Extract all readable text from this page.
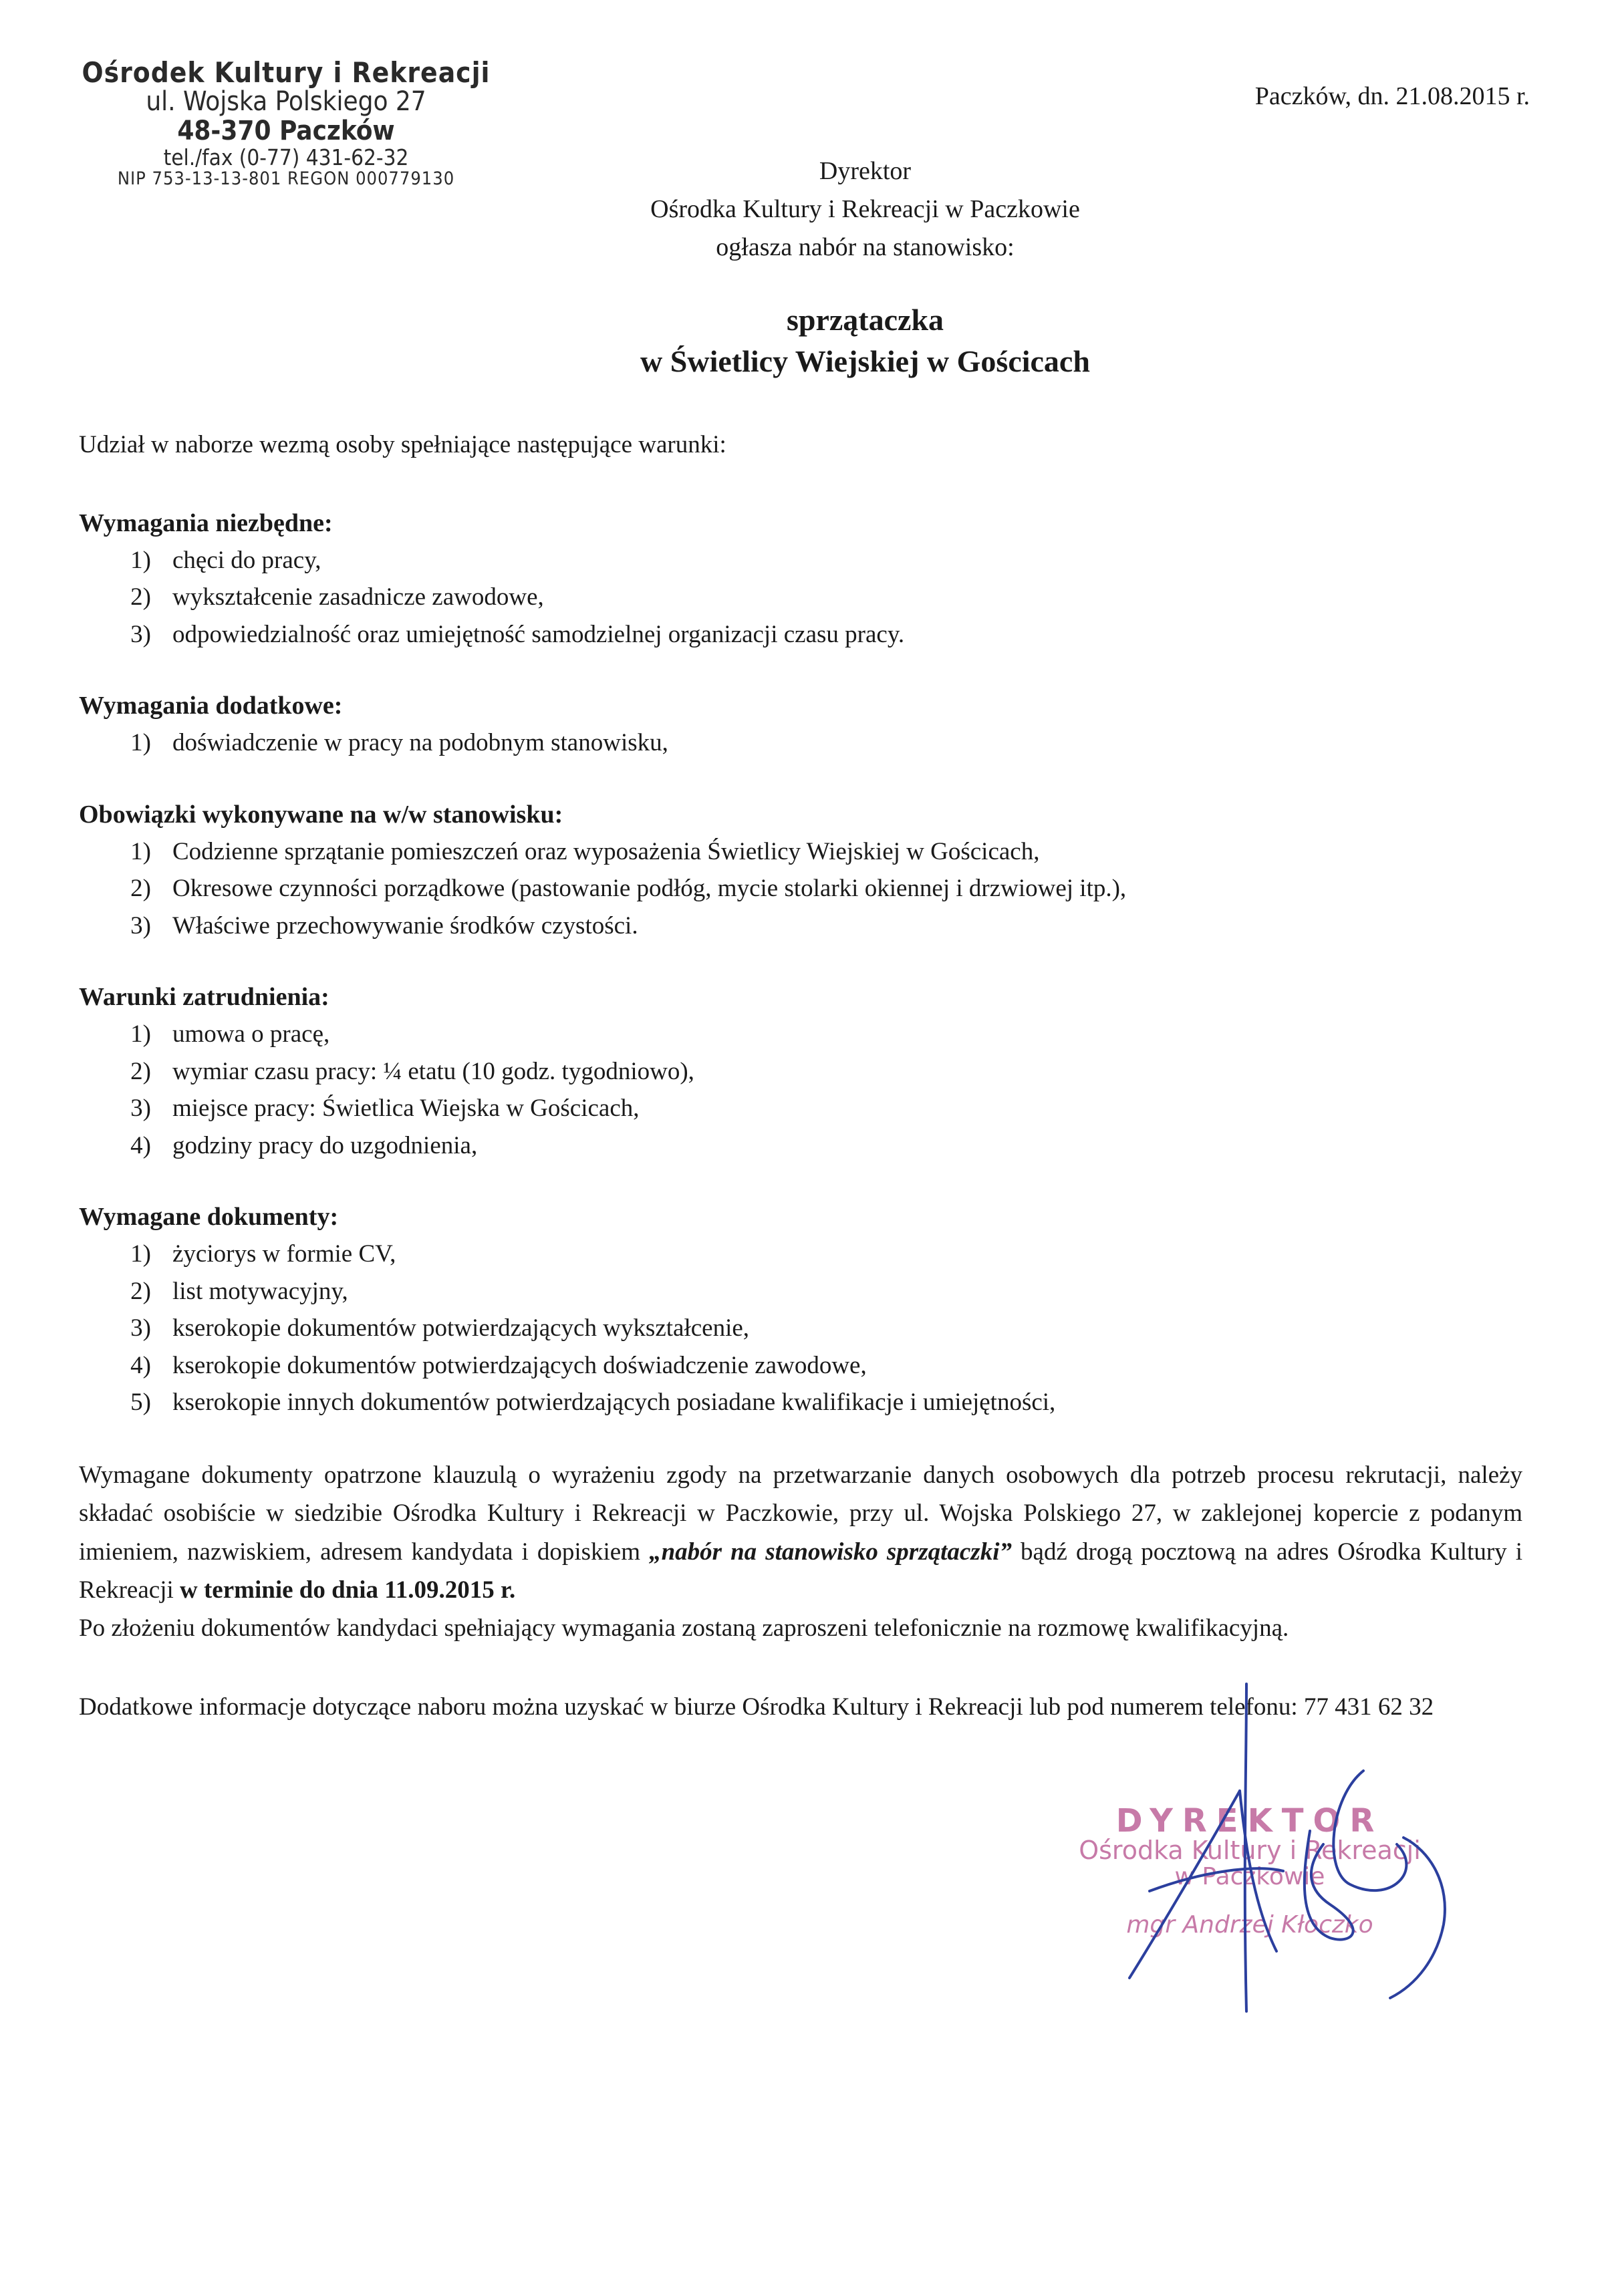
Ośrodek Kultury i Rekreacji
ul. Wojska Polskiego 27
48-370 Paczków
tel./fax (0-77) 431-62-32
NIP 753-13-13-801 REGON 000779130
Paczków, dn. 21.08.2015 r.
Dyrektor
Ośrodka Kultury i Rekreacji w Paczkowie
ogłasza nabór na stanowisko:
sprzątaczka
w Świetlicy Wiejskiej w Gościcach

Udział w naborze wezmą osoby spełniające następujące warunki:

Wymagania niezbędne:
1) chęci do pracy,
2) wykształcenie zasadnicze zawodowe,
3) odpowiedzialność oraz umiejętność samodzielnej organizacji czasu pracy.
Wymagania dodatkowe:
1) doświadczenie w pracy na podobnym stanowisku,
Obowiązki wykonywane na w/w stanowisku:
1) Codzienne sprzątanie pomieszczeń oraz wyposażenia Świetlicy Wiejskiej w Gościcach,
2) Okresowe czynności porządkowe (pastowanie podłóg, mycie stolarki okiennej i drzwiowej itp.),
3) Właściwe przechowywanie środków czystości.
Warunki zatrudnienia:
1) umowa o pracę,
2) wymiar czasu pracy: ¼ etatu (10 godz. tygodniowo),
3) miejsce pracy: Świetlica Wiejska w Gościcach,
4) godziny pracy do uzgodnienia,
Wymagane dokumenty:
1) życiorys w formie CV,
2) list motywacyjny,
3) kserokopie dokumentów potwierdzających wykształcenie,
4) kserokopie dokumentów potwierdzających doświadczenie zawodowe,
5) kserokopie innych dokumentów potwierdzających posiadane kwalifikacje i umiejętności,

Wymagane dokumenty opatrzone klauzulą o wyrażeniu zgody na przetwarzanie danych osobowych dla potrzeb procesu rekrutacji, należy składać osobiście w siedzibie Ośrodka Kultury i Rekreacji w Paczkowie, przy ul. Wojska Polskiego 27, w zaklejonej kopercie z podanym imieniem, nazwiskiem, adresem kandydata i dopiskiem „nabór na stanowisko sprzątaczki” bądź drogą pocztową na adres Ośrodka Kultury i Rekreacji w terminie do dnia 11.09.2015 r.
Po złożeniu dokumentów kandydaci spełniający wymagania zostaną zaproszeni telefonicznie na rozmowę kwalifikacyjną.

Dodatkowe informacje dotyczące naboru można uzyskać w biurze Ośrodka Kultury i Rekreacji lub pod numerem telefonu: 77 431 62 32

DYREKTOR
Ośrodka Kultury i Rekreacji
w Paczkowie
mgr Andrzej Kłoczko
